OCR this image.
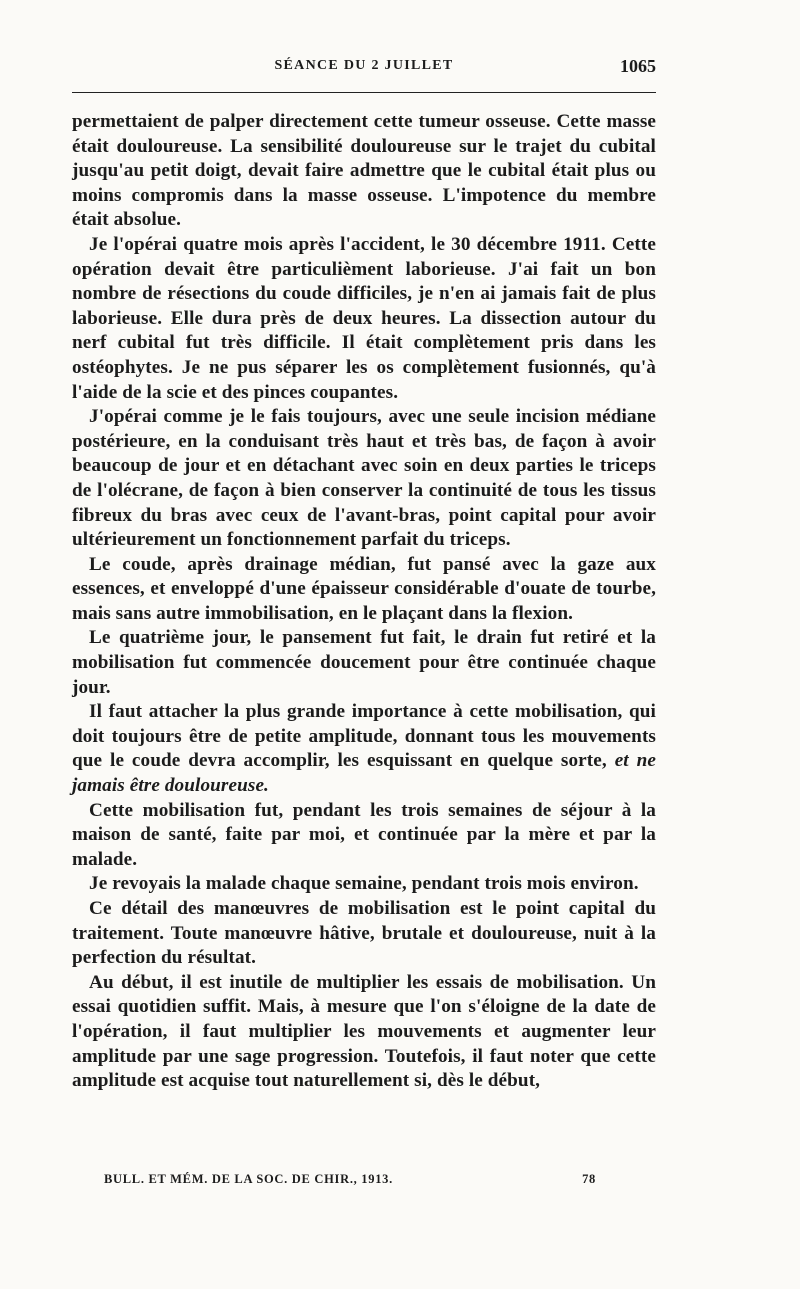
SÉANCE DU 2 JUILLET	1065

permettaient de palper directement cette tumeur osseuse. Cette masse était douloureuse. La sensibilité douloureuse sur le trajet du cubital jusqu'au petit doigt, devait faire admettre que le cubital était plus ou moins compromis dans la masse osseuse. L'impotence du membre était absolue.

Je l'opérai quatre mois après l'accident, le 30 décembre 1911. Cette opération devait être particulièment laborieuse. J'ai fait un bon nombre de résections du coude difficiles, je n'en ai jamais fait de plus laborieuse. Elle dura près de deux heures. La dissection autour du nerf cubital fut très difficile. Il était complètement pris dans les ostéophytes. Je ne pus séparer les os complètement fusionnés, qu'à l'aide de la scie et des pinces coupantes.

J'opérai comme je le fais toujours, avec une seule incision médiane postérieure, en la conduisant très haut et très bas, de façon à avoir beaucoup de jour et en détachant avec soin en deux parties le triceps de l'olécrane, de façon à bien conserver la continuité de tous les tissus fibreux du bras avec ceux de l'avant-bras, point capital pour avoir ultérieurement un fonctionnement parfait du triceps.

Le coude, après drainage médian, fut pansé avec la gaze aux essences, et enveloppé d'une épaisseur considérable d'ouate de tourbe, mais sans autre immobilisation, en le plaçant dans la flexion.

Le quatrième jour, le pansement fut fait, le drain fut retiré et la mobilisation fut commencée doucement pour être continuée chaque jour.

Il faut attacher la plus grande importance à cette mobilisation, qui doit toujours être de petite amplitude, donnant tous les mouvements que le coude devra accomplir, les esquissant en quelque sorte, et ne jamais être douloureuse.

Cette mobilisation fut, pendant les trois semaines de séjour à la maison de santé, faite par moi, et continuée par la mère et par la malade.

Je revoyais la malade chaque semaine, pendant trois mois environ.

Ce détail des manœuvres de mobilisation est le point capital du traitement. Toute manœuvre hâtive, brutale et douloureuse, nuit à la perfection du résultat.

Au début, il est inutile de multiplier les essais de mobilisation. Un essai quotidien suffit. Mais, à mesure que l'on s'éloigne de la date de l'opération, il faut multiplier les mouvements et augmenter leur amplitude par une sage progression. Toutefois, il faut noter que cette amplitude est acquise tout naturellement si, dès le début,

BULL. ET MÉM. DE LA SOC. DE CHIR., 1913.	78
